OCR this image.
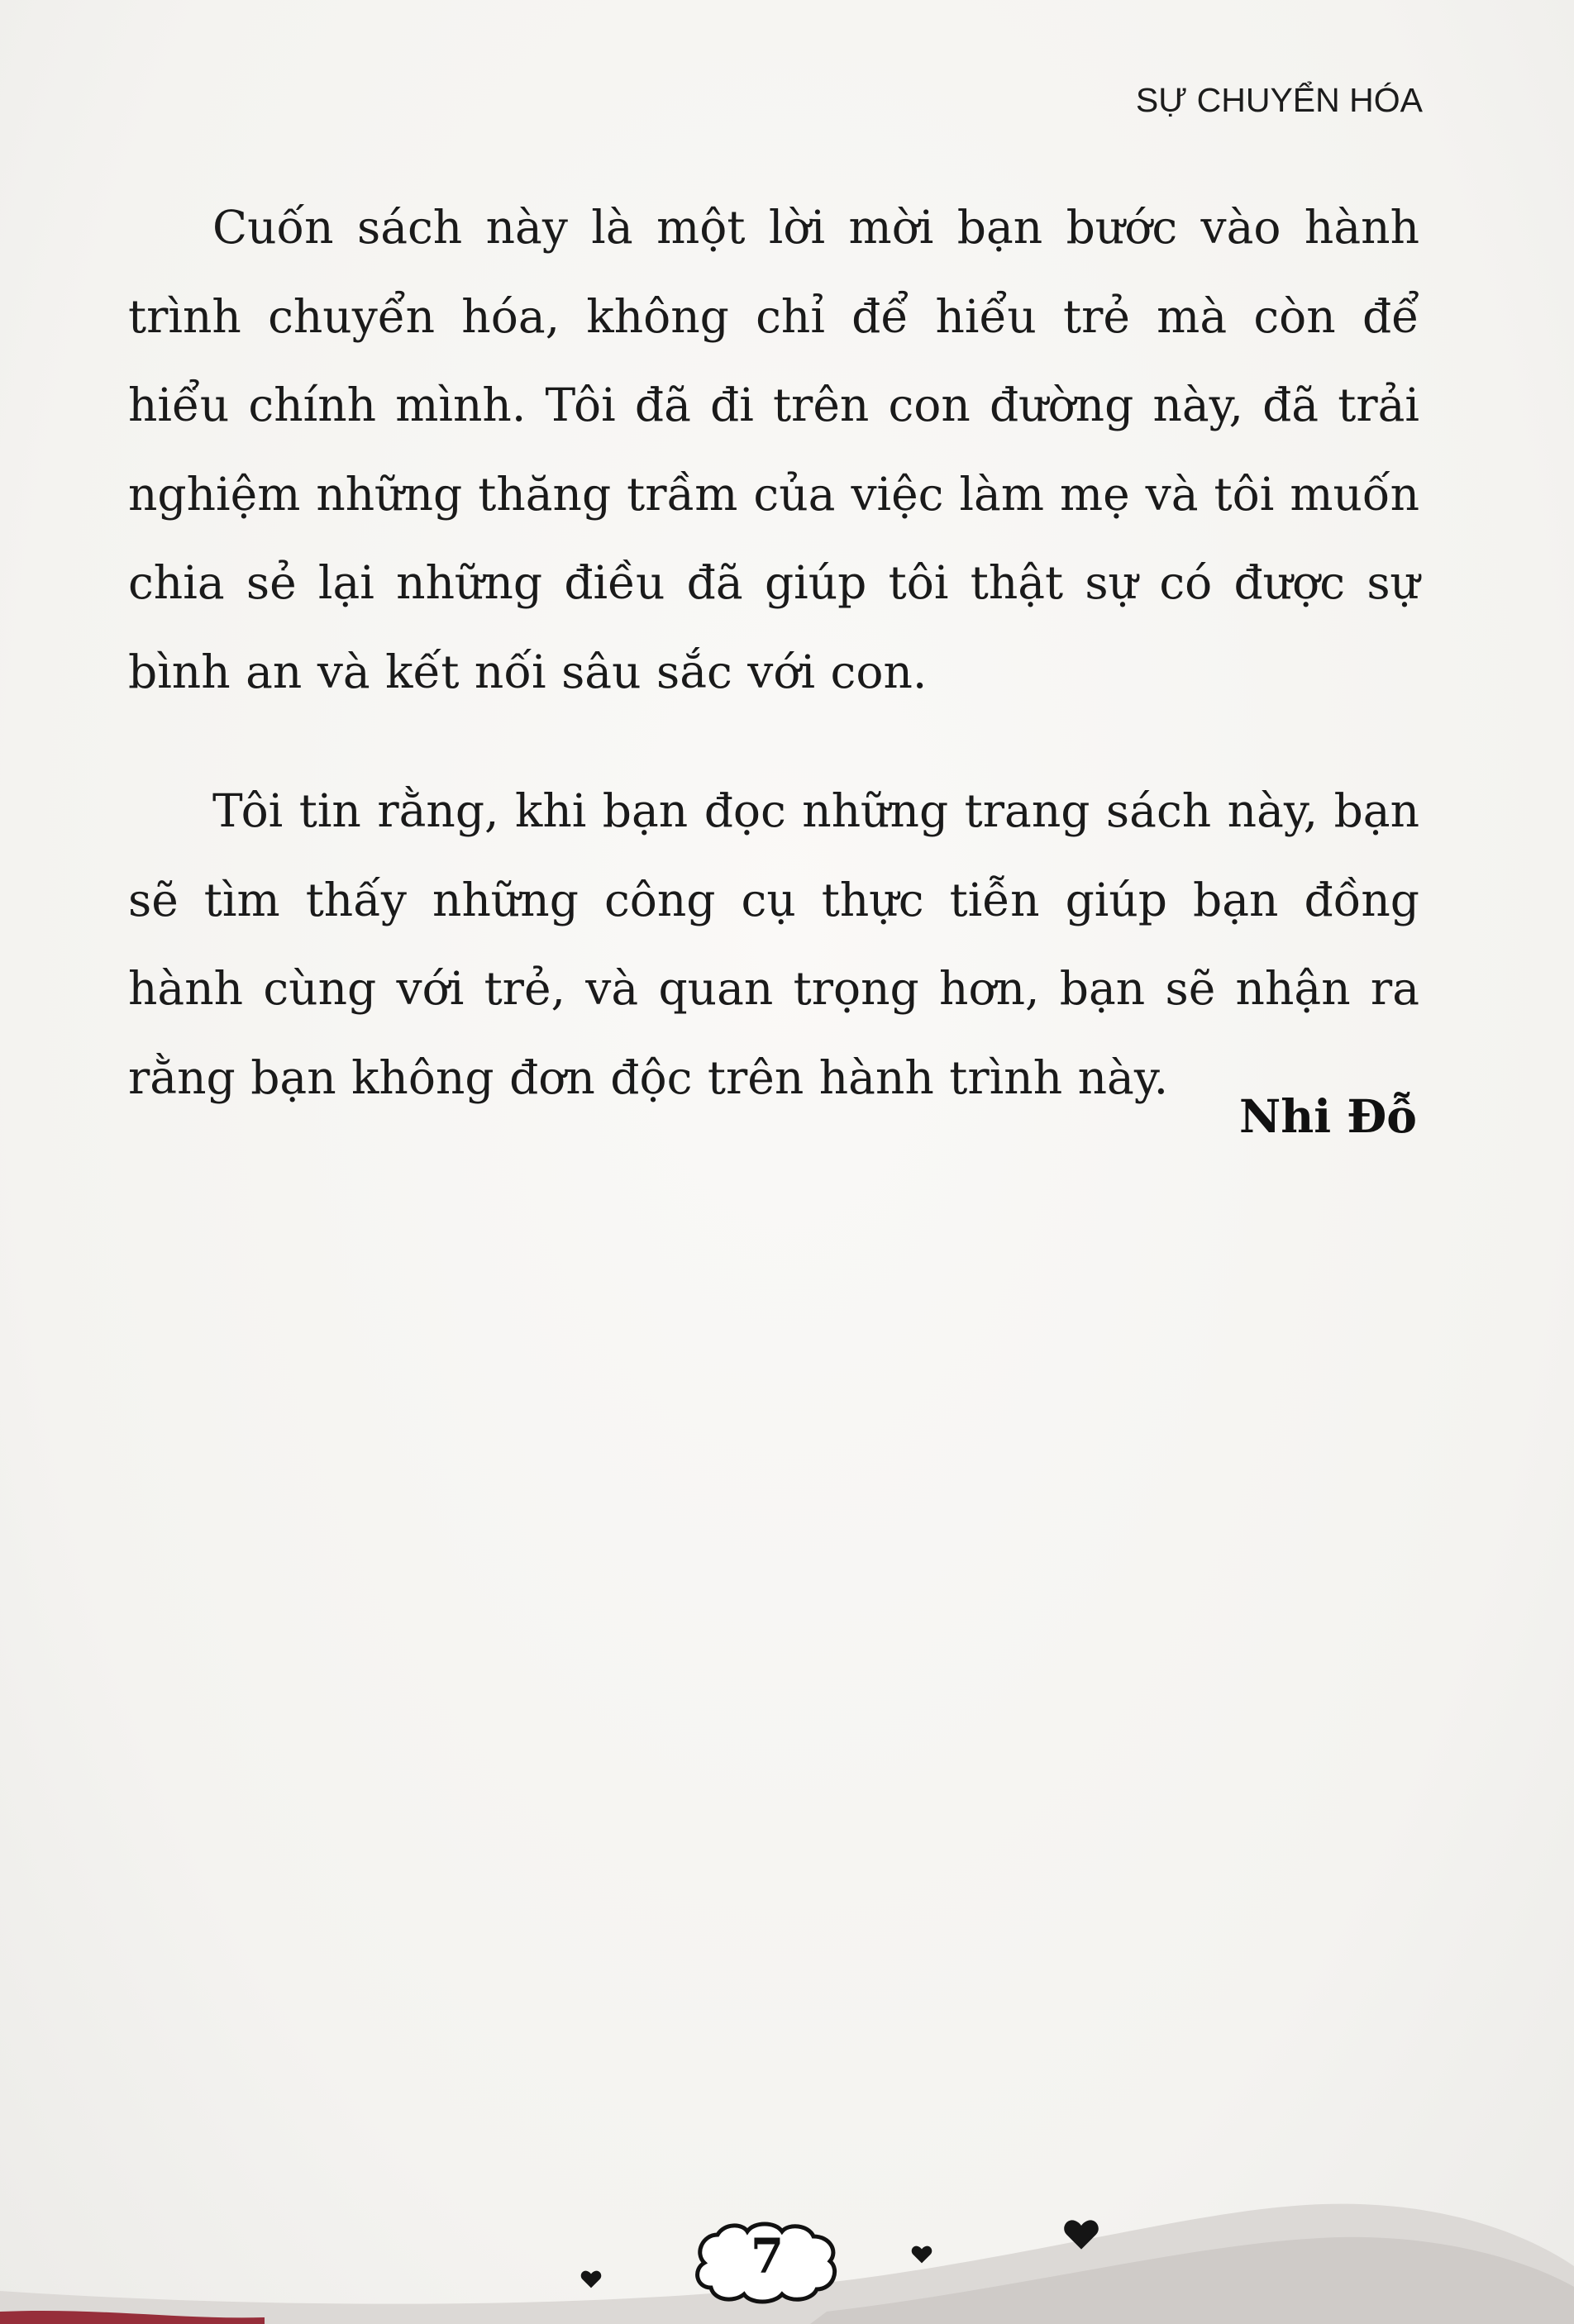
SỰ CHUYỂN HÓA

Cuốn sách này là một lời mời bạn bước vào hành trình chuyển hóa, không chỉ để hiểu trẻ mà còn để hiểu chính mình. Tôi đã đi trên con đường này, đã trải nghiệm những thăng trầm của việc làm mẹ và tôi muốn chia sẻ lại những điều đã giúp tôi thật sự có được sự bình an và kết nối sâu sắc với con.

Tôi tin rằng, khi bạn đọc những trang sách này, bạn sẽ tìm thấy những công cụ thực tiễn giúp bạn đồng hành cùng với trẻ, và quan trọng hơn, bạn sẽ nhận ra rằng bạn không đơn độc trên hành trình này.

Nhi Đỗ
7
